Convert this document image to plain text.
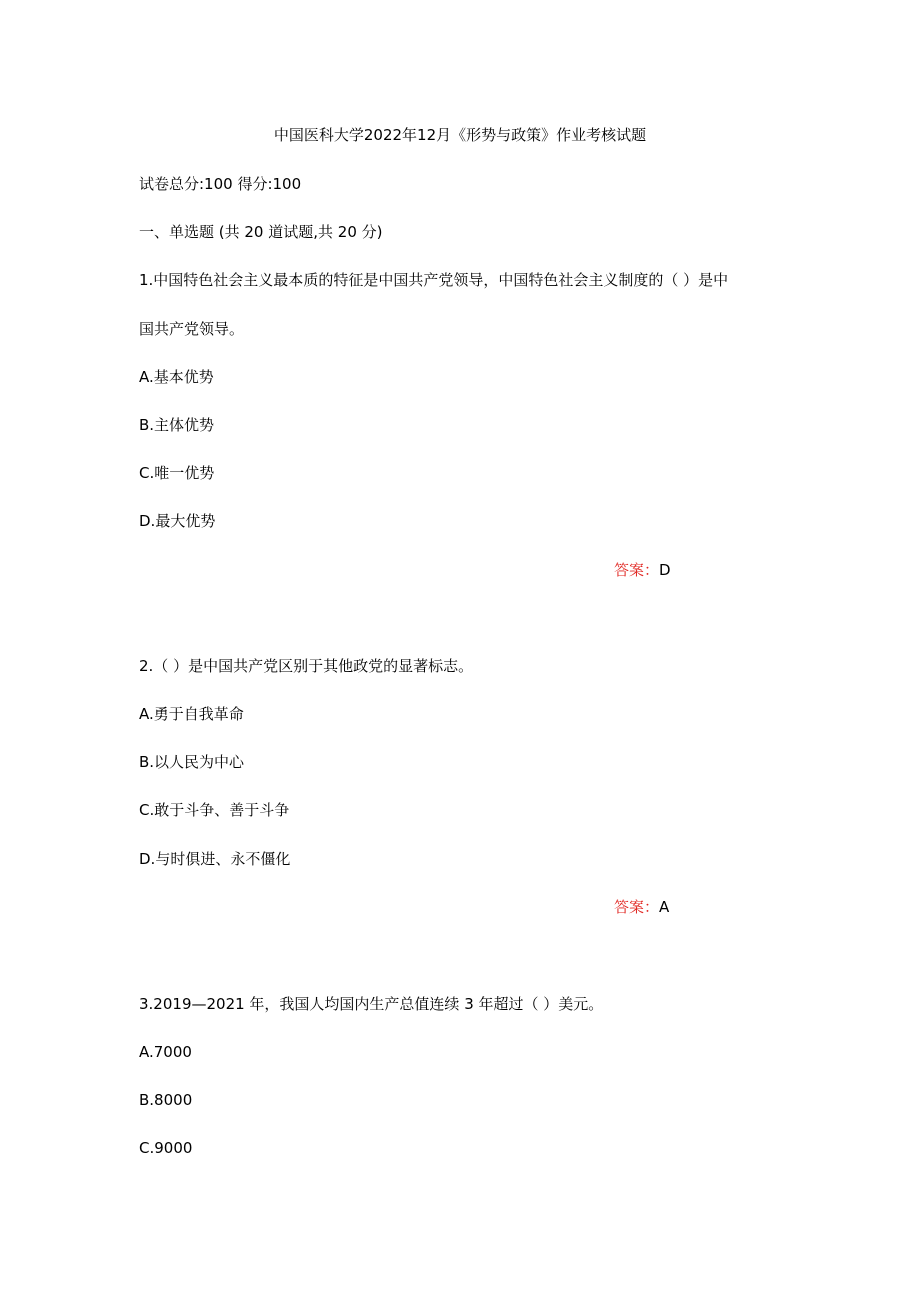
中国医科大学2022年12月《形势与政策》作业考核试题
试卷总分:100 得分:100
一、单选题 (共 20 道试题,共 20 分)
1.中国特色社会主义最本质的特征是中国共产党领导，中国特色社会主义制度的（ ）是中
国共产党领导。
A.基本优势
B.主体优势
C.唯一优势
D.最大优势
答案：D
2.（ ）是中国共产党区别于其他政党的显著标志。
A.勇于自我革命
B.以人民为中心
C.敢于斗争、善于斗争
D.与时俱进、永不僵化
答案：A
3.2019—2021 年，我国人均国内生产总值连续 3 年超过（ ）美元。
A.7000
B.8000
C.9000
